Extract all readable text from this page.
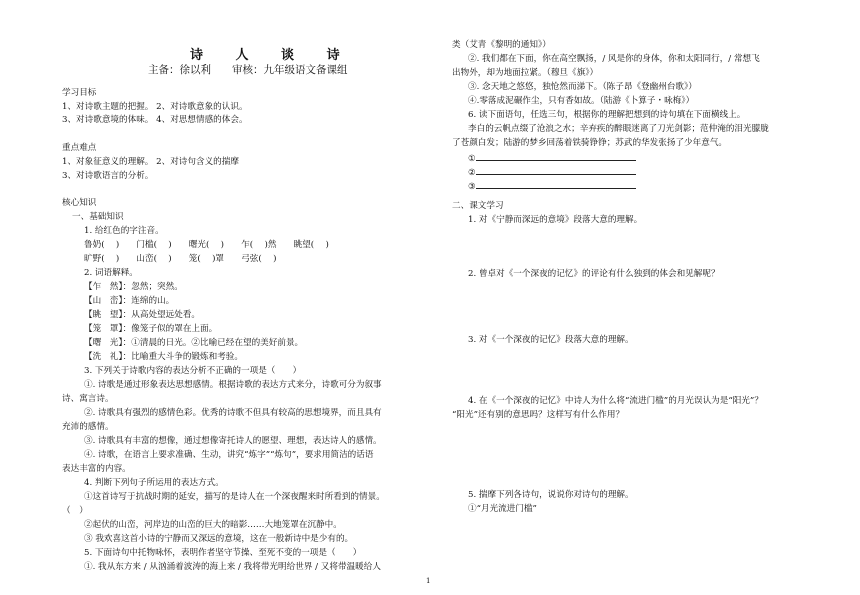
诗 人 谈 诗
主备：徐以利　　审核：九年级语文备课组
学习目标
1、对诗歌主题的把握。 2、对诗歌意象的认识。
3、对诗歌意境的体味。 4、对思想情感的体会。
重点难点
1、对象征意义的理解。 2、对诗句含义的揣摩
3、对诗歌语言的分析。
核心知识
一、基础知识
1. 给红色的字注音。
鲁奶(　 )　　门槛(　 )　　曙光(　 )　　乍(　 )然　　眺望(　 )
旷野(　 )　　山峦(　 )　　笼(　 )罩　　弓弦(　 )
2. 词语解释。
【乍　然】：忽然；突然。
【山　峦】：连绵的山。
【眺　望】：从高处望远处看。
【笼　罩】：像笼子似的罩在上面。
【曙　光】：①清晨的日光。②比喻已经在望的美好前景。
【洗　礼】：比喻重大斗争的锻炼和考验。
3. 下列关于诗歌内容的表达分析不正确的一项是（　　）
①. 诗歌是通过形象表达思想感情。根据诗歌的表达方式来分，诗歌可分为叙事
诗、寓言诗。
②. 诗歌具有强烈的感情色彩。优秀的诗歌不但具有较高的思想境界，而且具有
充沛的感情。
③. 诗歌具有丰富的想像，通过想像寄托诗人的愿望、理想，表达诗人的感情。
④. 诗歌，在语言上要求准确、生动，讲究“炼字”“炼句”，要求用简洁的话语
表达丰富的内容。
4. 判断下列句子所运用的表达方式。
①这首诗写于抗战时期的延安，描写的是诗人在一个深夜醒来时所看到的情景。
（　）
②起伏的山峦，河岸边的山峦的巨大的暗影……大地笼罩在沉静中。
③ 我欢喜这首小诗的宁静而又深远的意境，这在一般新诗中是少有的。
5. 下面诗句中托物咏怀，表明作者坚守节操、至死不变的一项是（　　）
①. 我从东方来 / 从汹涌着波涛的海上来 / 我将带光明给世界 / 又将带温暖给人
类（艾青《黎明的通知》）
②. 我们都在下面，你在高空飘扬，/ 风是你的身体，你和太阳同行，/ 常想飞
出物外，却为地面拉紧。（穆旦《旗》）
③. 念天地之悠悠，独怆然而涕下。（陈子昂《登幽州台歌》）
④.零落成泥碾作尘，只有香如故。（陆游《卜算子・咏梅》）
6. 读下面语句，任选三句，根据你的理解把想到的诗句填在下面横线上。
李白的云帆点缀了沧浪之水；辛弃疾的醉眼迷离了刀光剑影；范仲淹的泪光朦胧
了苍颜白发；陆游的梦乡回荡着铁骑铮铮；苏武的华发张扬了少年意气。
①
②
③
二、课文学习
1. 对《宁静而深远的意境》段落大意的理解。
2. 曾卓对《一个深夜的记忆》的评论有什么独到的体会和见解呢？
3. 对《一个深夜的记忆》段落大意的理解。
4. 在《一个深夜的记忆》中诗人为什么将“流进门槛”的月光误认为是“阳光”？
“阳光”还有别的意思吗？这样写有什么作用？
5. 揣摩下列各诗句，说说你对诗句的理解。
①“月光流进门槛”
1
